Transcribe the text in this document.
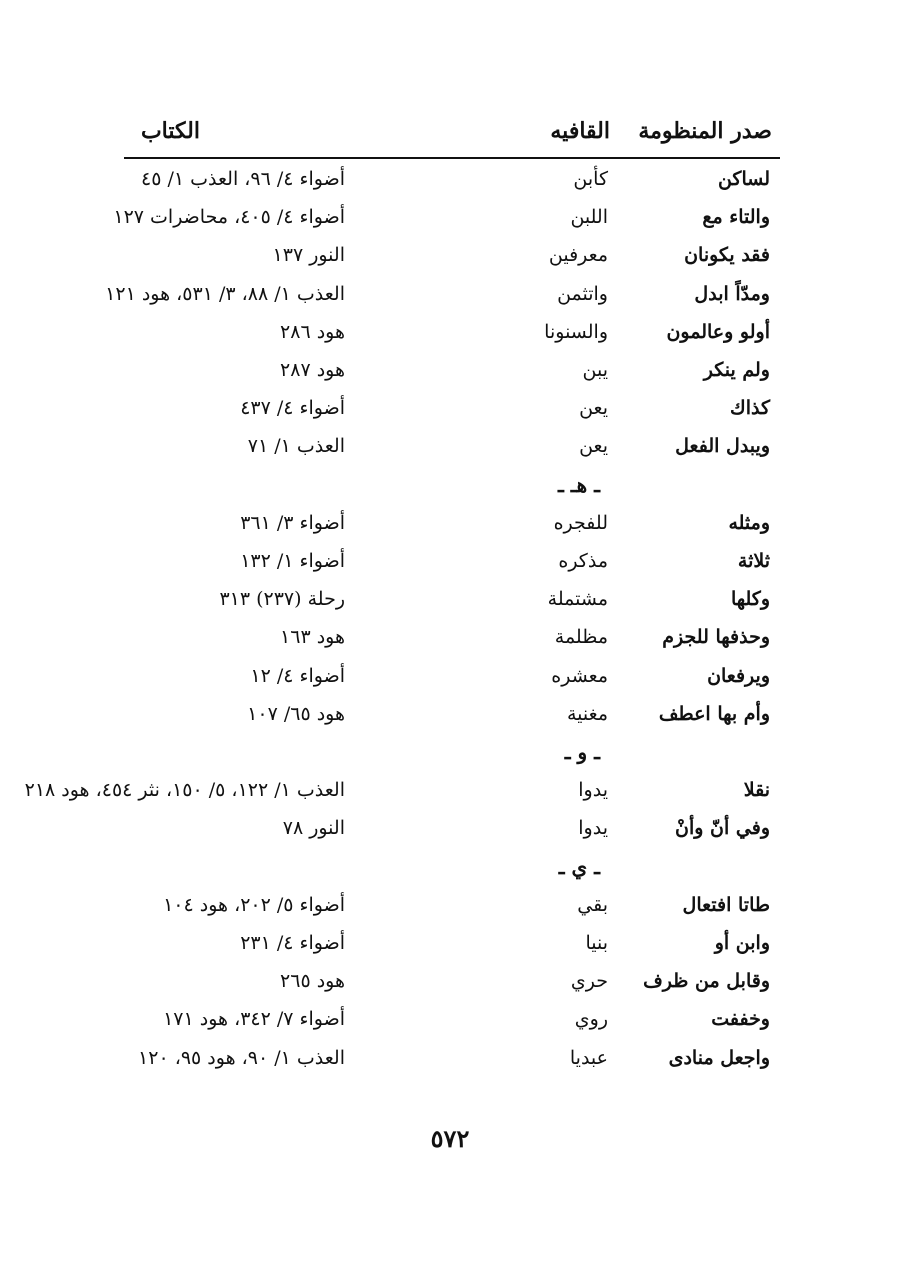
صدر المنظومة
القافيه
الكتاب
لساكن
كأبن
أضواء ٤/ ٩٦، العذب ١/ ٤٥
والتاء مع
اللبن
أضواء ٤/ ٤٠٥، محاضرات ١٢٧
فقد يكونان
معرفين
النور ١٣٧
ومدّاً ابدل
واتثمن
العذب ١/ ٨٨، ٣/ ٥٣١، هود ١٢١
أولو وعالمون
والسنونا
هود ٢٨٦
ولم ينكر
يبن
هود ٢٨٧
كذاك
يعن
أضواء ٤/ ٤٣٧
ويبدل الفعل
يعن
العذب ١/ ٧١
ـ هـ ـ
ومثله
للفجره
أضواء ٣/ ٣٦١
ثلاثة
مذكره
أضواء ١/ ١٣٢
وكلها
مشتملة
رحلة (٢٣٧) ٣١٣
وحذفها للجزم
مظلمة
هود ١٦٣
ويرفعان
معشره
أضواء ٤/ ١٢
وأم بها اعطف
مغنية
هود ٦٥/ ١٠٧
ـ و ـ
نقلا
يدوا
العذب ١/ ١٢٢، ٥/ ١٥٠، نثر ٤٥٤، هود ٢١٨
وفي أنّ وأنْ
يدوا
النور ٧٨
ـ ي ـ
طاتا افتعال
بقي
أضواء ٥/ ٢٠٢، هود ١٠٤
وابن أو
بنيا
أضواء ٤/ ٢٣١
وقابل من ظرف
حري
هود ٢٦٥
وخففت
روي
أضواء ٧/ ٣٤٢، هود ١٧١
واجعل منادى
عبديا
العذب ١/ ٩٠، هود ٩٥، ١٢٠
٥٧٢
